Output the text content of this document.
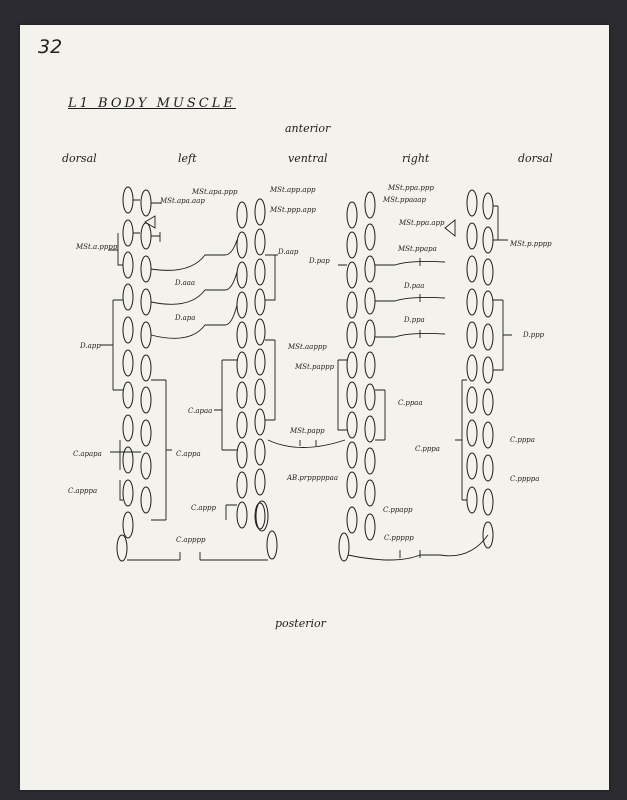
32
L1 BODY MUSCLE
anterior
dorsal	left	ventral	right	dorsal
posterior
MSt.apa.ppp
MSt.apa.aap
MSt.app.app
MSt.ppp.app
MSt.a.pppp
MSt.ppa.ppp
MSt.ppaaap
MSt.ppa.app
MSt.ppapa
MSt.p.pppp
D.aap
D.pap
D.aaa	D.paa
D.apa	D.ppa
D.app
D.ppp
MSt.aappp
MSt.pappp
C.apaa
C.ppaa
MSt.papp
C.appa
C.apapa
C.pppa
C.pppa
AB.prpppppaa	C.ppppa
C.apppa
C.appp	C.ppapp
C.apppp	C.ppppp
